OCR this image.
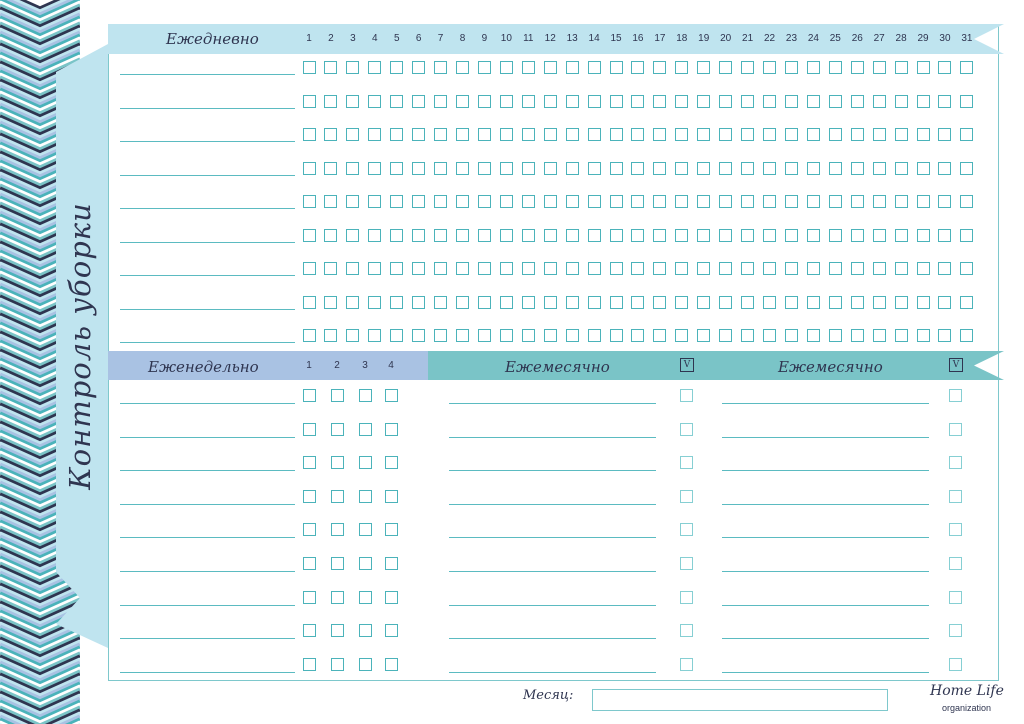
Контроль уборки
Ежедневно	1 2 3 4 5 6 7 8 9 10 11 12 13 14 15 16 17 18 19 20 21 22 23 24 25 26 27 28 29 30 31
Еженедельно	1 2 3 4	Ежемесячно	V	Ежемесячно	V
Месяц:	Home Life
organization
